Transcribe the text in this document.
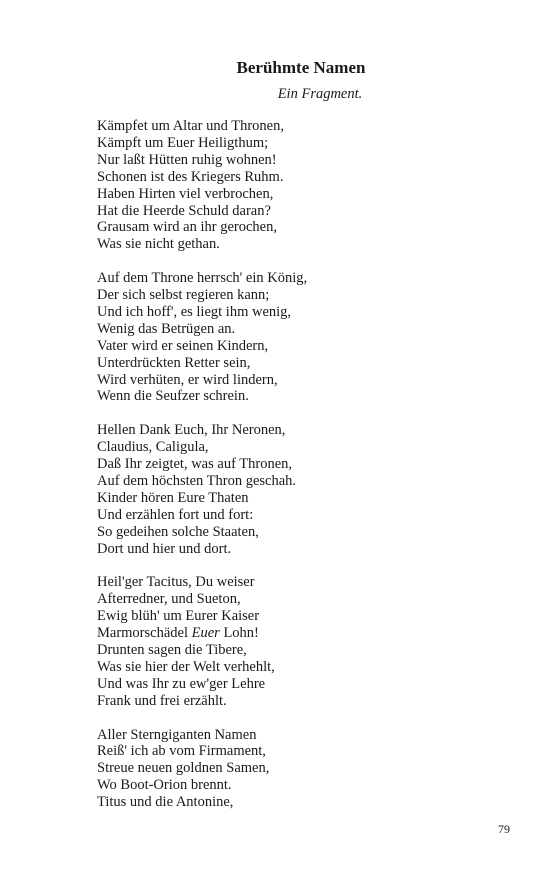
Berühmte Namen
Ein Fragment.
Kämpfet um Altar und Thronen,
Kämpft um Euer Heiligthum;
Nur laßt Hütten ruhig wohnen!
Schonen ist des Kriegers Ruhm.
Haben Hirten viel verbrochen,
Hat die Heerde Schuld daran?
Grausam wird an ihr gerochen,
Was sie nicht gethan.
Auf dem Throne herrsch' ein König,
Der sich selbst regieren kann;
Und ich hoff', es liegt ihm wenig,
Wenig das Betrügen an.
Vater wird er seinen Kindern,
Unterdrückten Retter sein,
Wird verhüten, er wird lindern,
Wenn die Seufzer schrein.
Hellen Dank Euch, Ihr Neronen,
Claudius, Caligula,
Daß Ihr zeigtet, was auf Thronen,
Auf dem höchsten Thron geschah.
Kinder hören Eure Thaten
Und erzählen fort und fort:
So gedeihen solche Staaten,
Dort und hier und dort.
Heil'ger Tacitus, Du weiser
Afterredner, und Sueton,
Ewig blüh' um Eurer Kaiser
Marmorschädel Euer Lohn!
Drunten sagen die Tibere,
Was sie hier der Welt verhehlt,
Und was Ihr zu ew'ger Lehre
Frank und frei erzählt.
Aller Sterngiganten Namen
Reiß' ich ab vom Firmament,
Streue neuen goldnen Samen,
Wo Boot-Orion brennt.
Titus und die Antonine,
79
